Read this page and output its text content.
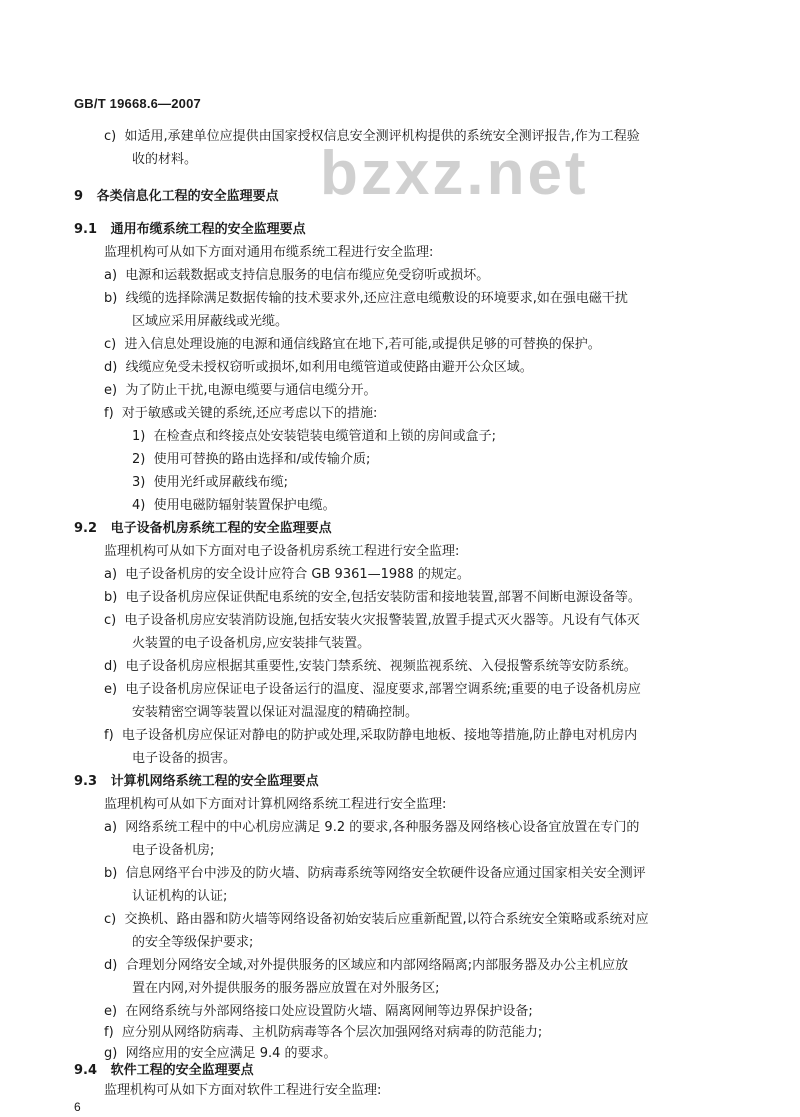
GB/T 19668.6—2007
bzxz.net
c)  如适用,承建单位应提供由国家授权信息安全测评机构提供的系统安全测评报告,作为工程验
收的材料。
9   各类信息化工程的安全监理要点
9.1   通用布缆系统工程的安全监理要点
监理机构可从如下方面对通用布缆系统工程进行安全监理:
a)  电源和运载数据或支持信息服务的电信布缆应免受窃听或损坏。
b)  线缆的选择除满足数据传输的技术要求外,还应注意电缆敷设的环境要求,如在强电磁干扰
区域应采用屏蔽线或光缆。
c)  进入信息处理设施的电源和通信线路宜在地下,若可能,或提供足够的可替换的保护。
d)  线缆应免受未授权窃听或损坏,如利用电缆管道或使路由避开公众区域。
e)  为了防止干扰,电源电缆要与通信电缆分开。
f)  对于敏感或关键的系统,还应考虑以下的措施:
1)  在检查点和终接点处安装铠装电缆管道和上锁的房间或盒子;
2)  使用可替换的路由选择和/或传输介质;
3)  使用光纤或屏蔽线布缆;
4)  使用电磁防辐射装置保护电缆。
9.2   电子设备机房系统工程的安全监理要点
监理机构可从如下方面对电子设备机房系统工程进行安全监理:
a)  电子设备机房的安全设计应符合 GB 9361—1988 的规定。
b)  电子设备机房应保证供配电系统的安全,包括安装防雷和接地装置,部署不间断电源设备等。
c)  电子设备机房应安装消防设施,包括安装火灾报警装置,放置手提式灭火器等。凡设有气体灭
火装置的电子设备机房,应安装排气装置。
d)  电子设备机房应根据其重要性,安装门禁系统、视频监视系统、入侵报警系统等安防系统。
e)  电子设备机房应保证电子设备运行的温度、湿度要求,部署空调系统;重要的电子设备机房应
安装精密空调等装置以保证对温湿度的精确控制。
f)  电子设备机房应保证对静电的防护或处理,采取防静电地板、接地等措施,防止静电对机房内
电子设备的损害。
9.3   计算机网络系统工程的安全监理要点
监理机构可从如下方面对计算机网络系统工程进行安全监理:
a)  网络系统工程中的中心机房应满足 9.2 的要求,各种服务器及网络核心设备宜放置在专门的
电子设备机房;
b)  信息网络平台中涉及的防火墙、防病毒系统等网络安全软硬件设备应通过国家相关安全测评
认证机构的认证;
c)  交换机、路由器和防火墙等网络设备初始安装后应重新配置,以符合系统安全策略或系统对应
的安全等级保护要求;
d)  合理划分网络安全域,对外提供服务的区域应和内部网络隔离;内部服务器及办公主机应放
置在内网,对外提供服务的服务器应放置在对外服务区;
e)  在网络系统与外部网络接口处应设置防火墙、隔离网闸等边界保护设备;
f)  应分别从网络防病毒、主机防病毒等各个层次加强网络对病毒的防范能力;
g)  网络应用的安全应满足 9.4 的要求。
9.4   软件工程的安全监理要点
监理机构可从如下方面对软件工程进行安全监理:
6
